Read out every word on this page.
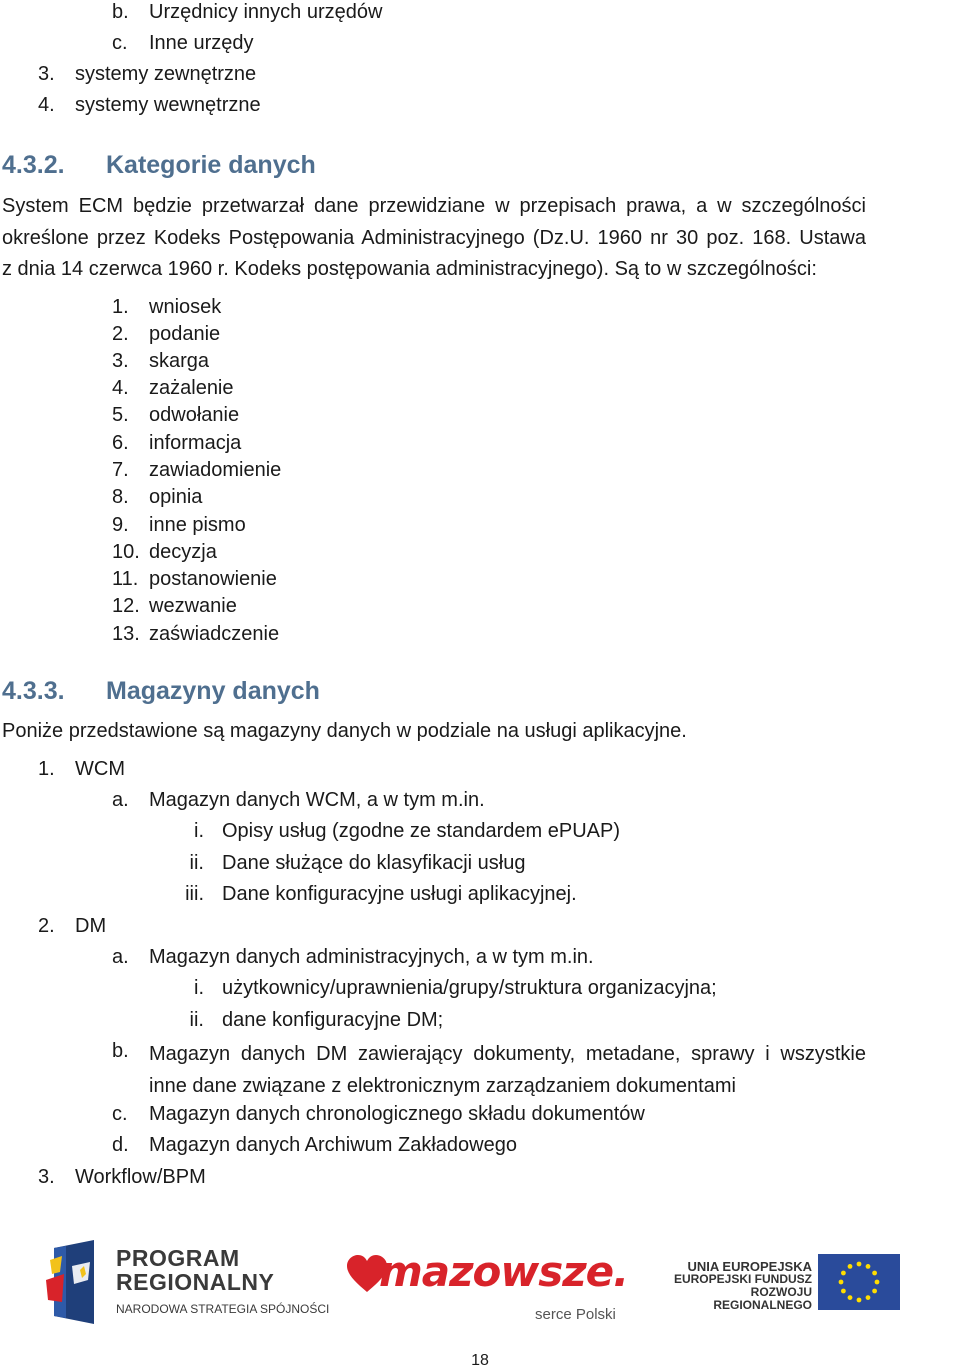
b. Urzędnicy innych urzędów
c. Inne urzędy
3. systemy zewnętrzne
4. systemy wewnętrzne
4.3.2. Kategorie danych
System ECM będzie przetwarzał dane przewidziane w przepisach prawa, a w szczególności
określone przez Kodeks Postępowania Administracyjnego (Dz.U. 1960 nr 30 poz. 168. Ustawa
z dnia 14 czerwca 1960 r. Kodeks postępowania administracyjnego). Są to w szczególności:
1. wniosek
2. podanie
3. skarga
4. zażalenie
5. odwołanie
6. informacja
7. zawiadomienie
8. opinia
9. inne pismo
10. decyzja
11. postanowienie
12. wezwanie
13. zaświadczenie
4.3.3. Magazyny danych
Poniże przedstawione są magazyny danych w podziale na usługi aplikacyjne.
1. WCM
a. Magazyn danych WCM, a w tym m.in.
i. Opisy usług (zgodne ze standardem ePUAP)
ii. Dane służące do klasyfikacji usług
iii. Dane konfiguracyjne usługi aplikacyjnej.
2. DM
a. Magazyn danych administracyjnych, a w tym m.in.
i. użytkownicy/uprawnienia/grupy/struktura organizacyjna;
ii. dane konfiguracyjne DM;
b. Magazyn danych DM zawierający dokumenty, metadane, sprawy i wszystkie
inne dane związane z elektronicznym zarządzaniem dokumentami
c. Magazyn danych chronologicznego składu dokumentów
d. Magazyn danych Archiwum Zakładowego
3. Workflow/BPM
PROGRAM
REGIONALNY
NARODOWA STRATEGIA SPÓJNOŚCI
mazowsze.
serce Polski
UNIA EUROPEJSKA
EUROPEJSKI FUNDUSZ
ROZWOJU REGIONALNEGO
18
